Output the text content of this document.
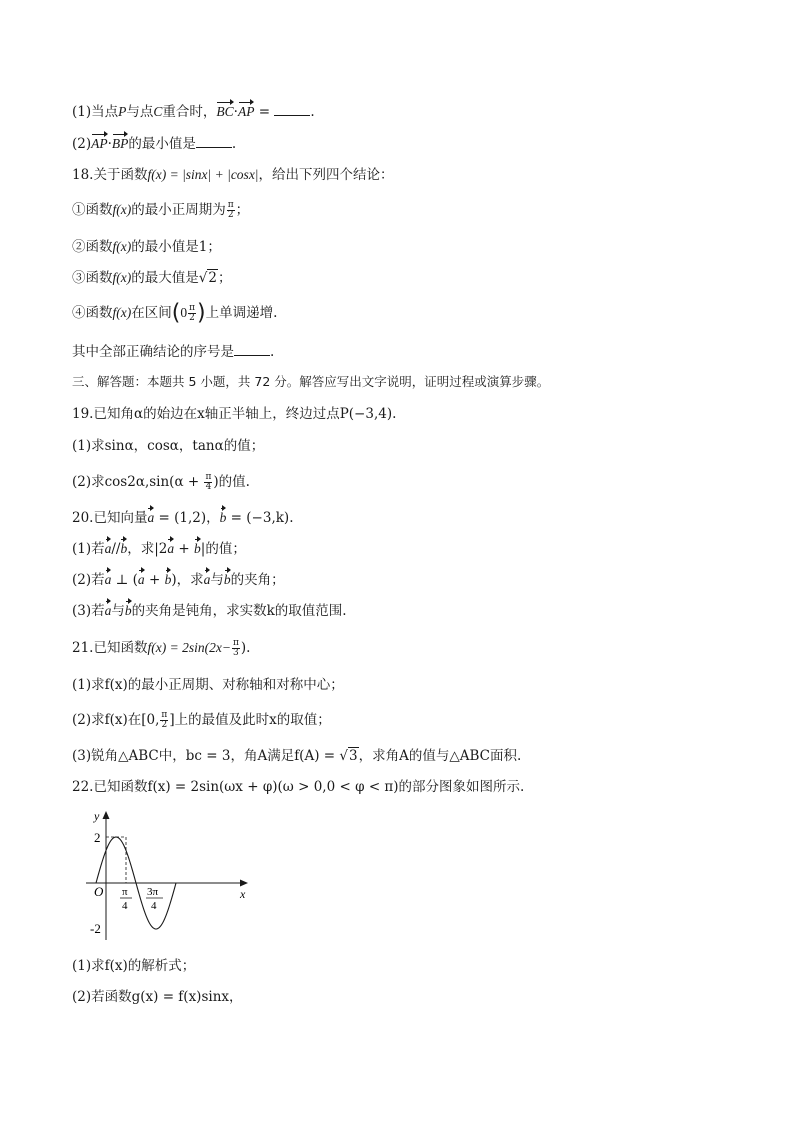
(1)当点P与点C重合时，BC·AP =	.
(2)AP·BP的最小值是	.
18.关于函数f(x) = |sinx| + |cosx|，给出下列四个结论：
①函数f(x)的最小正周期为 $\frac{\pi}{2}$ ；
②函数f(x)的最小值是1；
③函数f(x)的最大值是√2；
④函数f(x)在区间($0 \frac{\pi}{2}$ )上单调递增.
其中全部正确结论的序号是	.
三、解答题：本题共 5 小题，共 72 分。解答应写出文字说明，证明过程或演算步骤。
19.已知角α的始边在x轴正半轴上，终边过点P(−3,4).
(1)求sinα，cosα，tanα的值；
(2)求$\cos 2\alpha,\sin(\alpha + \frac{\pi}{4}$ )的值.
20.已知向量a = (1,2)，b = (−3,k).
(1)若a//b，求|2a + b|的值；
(2)若a ⊥ (a + b)，求a与b的夹角；
(3)若a与b的夹角是钝角，求实数k的取值范围.
21.已知函数$f(x) = 2\sin(2x- \frac{\pi}{3}$ ).
(1)求f(x)的最小正周期、对称轴和对称中心；
(2)求f(x)在[0, $\frac{\pi}{2}$ ]上的最值及此时x的取值；
(3)锐角△ABC中，bc = 3，角A满足f(A) = √3，求角A的值与△ABC面积.
22.已知函数f(x) = 2sin(ωx + φ)(ω > 0,0 < φ < π)的部分图象如图所示.
y
x
O
2
-2
π
4
3π
4
(1)求f(x)的解析式；
(2)若函数g(x) = f(x)sinx，
